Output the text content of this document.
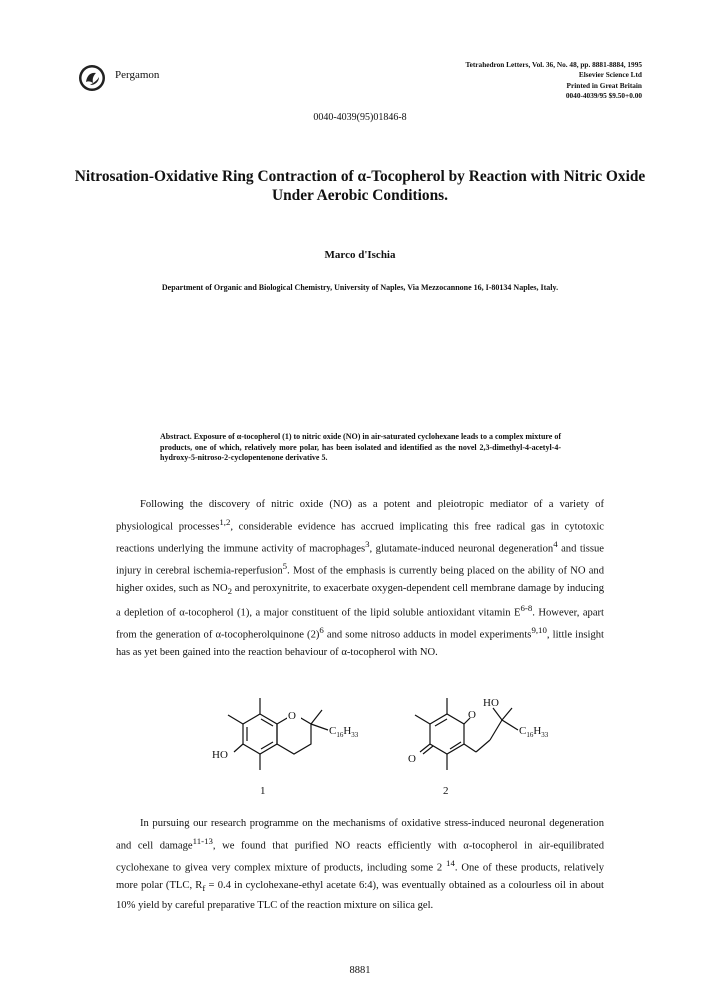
Pergamon
Tetrahedron Letters, Vol. 36, No. 48, pp. 8881-8884, 1995
Elsevier Science Ltd
Printed in Great Britain
0040-4039/95 $9.50+0.00
0040-4039(95)01846-8
Nitrosation-Oxidative Ring Contraction of α-Tocopherol by Reaction with Nitric Oxide Under Aerobic Conditions.
Marco d'Ischia
Department of Organic and Biological Chemistry, University of Naples, Via Mezzocannone 16, I-80134 Naples, Italy.
Abstract. Exposure of α-tocopherol (1) to nitric oxide (NO) in air-saturated cyclohexane leads to a complex mixture of products, one of which, relatively more polar, has been isolated and identified as the novel 2,3-dimethyl-4-acetyl-4-hydroxy-5-nitroso-2-cyclopentenone derivative 5.

Following the discovery of nitric oxide (NO) as a potent and pleiotropic mediator of a variety of physiological processes$^{1,2}$, considerable evidence has accrued implicating this free radical gas in cytotoxic reactions underlying the immune activity of macrophages$^3$, glutamate-induced neuronal degeneration$^4$ and tissue injury in cerebral ischemia-reperfusion$^5$. Most of the emphasis is currently being placed on the ability of NO and higher oxides, such as $NO_2$ and peroxynitrite, to exacerbate oxygen-dependent cell membrane damage by inducing a depletion of α-tocopherol (1), a major constituent of the lipid soluble antioxidant vitamin $E^{6-8}$. However, apart from the generation of α-tocopherolquinone $(2)^6$ and some nitroso adducts in model experiments$^{9,10}$, little insight has as yet been gained into the reaction behaviour of α-tocopherol with NO.

O
HO
$C_{16}H_{33}$
1
O
HO
O
$C_{16}H_{33}$
2

In pursuing our research programme on the mechanisms of oxidative stress-induced neuronal degeneration and cell damage$^{11-13}$, we found that purified NO reacts efficiently with α-tocopherol in air-equilibrated cyclohexane to givea very complex mixture of products, including some 2 $^{14}$. One of these products, relatively more polar (TLC, $R_f = 0.4$ in cyclohexane-ethyl acetate 6:4), was eventually obtained as a colourless oil in about 10% yield by careful preparative TLC of the reaction mixture on silica gel.

8881
